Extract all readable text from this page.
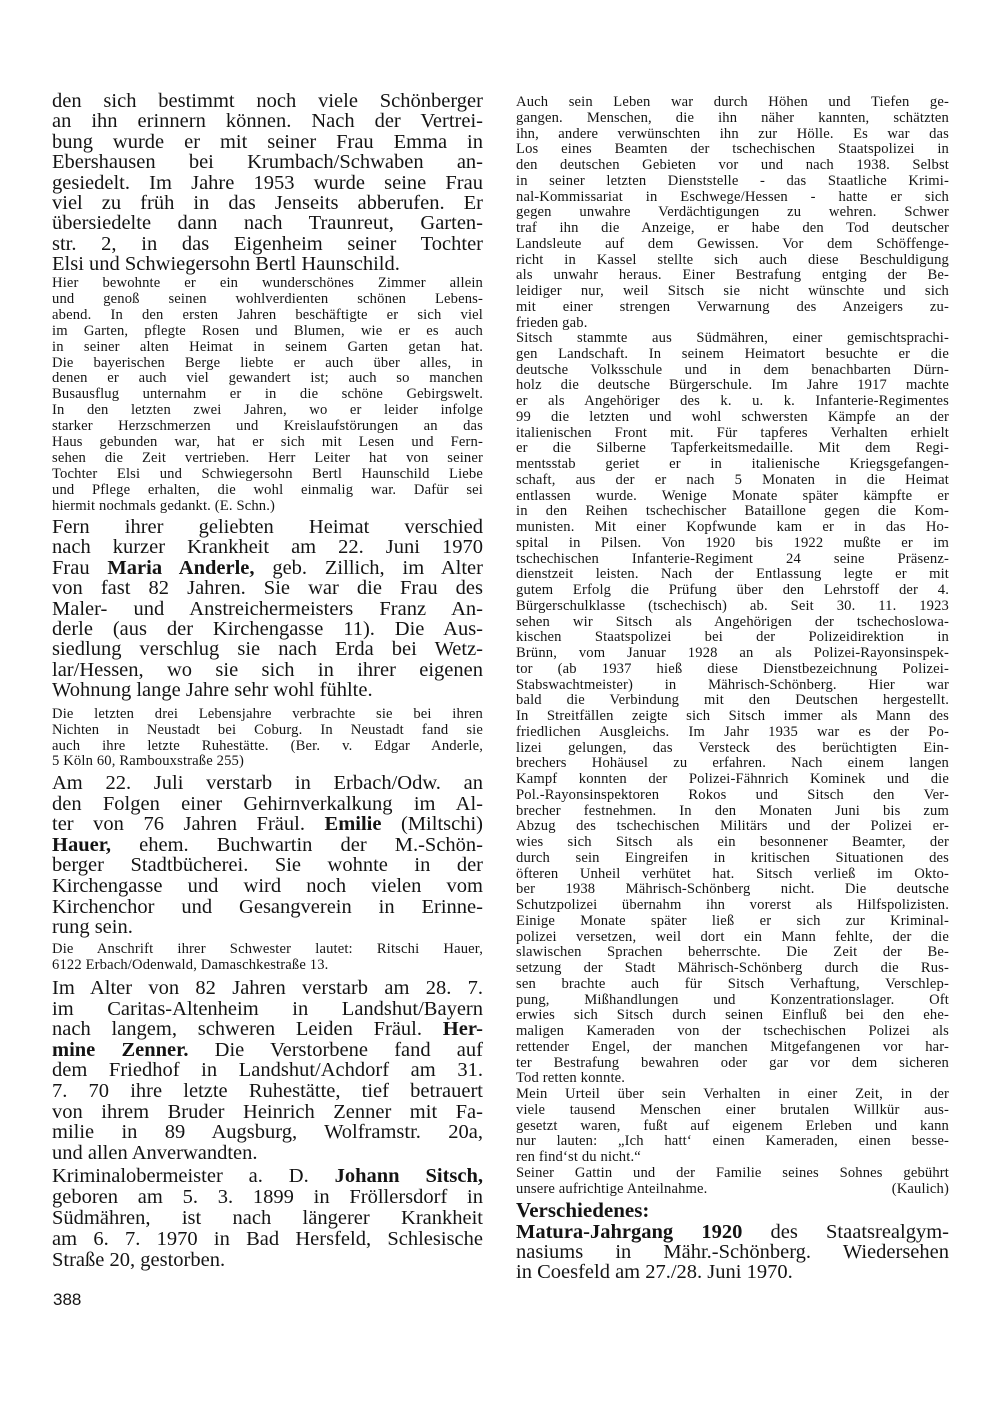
den sich bestimmt noch viele Schönberger
an ihn erinnern können. Nach der Vertrei-
bung wurde er mit seiner Frau Emma in
Ebershausen bei Krumbach/Schwaben an-
gesiedelt. Im Jahre 1953 wurde seine Frau
viel zu früh in das Jenseits abberufen. Er
übersiedelte dann nach Traunreut, Garten-
str. 2, in das Eigenheim seiner Tochter
Elsi und Schwiegersohn Bertl Haunschild.
Hier bewohnte er ein wunderschönes Zimmer allein
und genoß seinen wohlverdienten schönen Lebens-
abend. In den ersten Jahren beschäftigte er sich viel
im Garten, pflegte Rosen und Blumen, wie er es auch
in seiner alten Heimat in seinem Garten getan hat.
Die bayerischen Berge liebte er auch über alles, in
denen er auch viel gewandert ist; auch so manchen
Busausflug unternahm er in die schöne Gebirgswelt.
In den letzten zwei Jahren, wo er leider infolge
starker Herzschmerzen und Kreislaufstörungen an das
Haus gebunden war, hat er sich mit Lesen und Fern-
sehen die Zeit vertrieben. Herr Leiter hat von seiner
Tochter Elsi und Schwiegersohn Bertl Haunschild Liebe
und Pflege erhalten, die wohl einmalig war. Dafür sei
hiermit nochmals gedankt. (E. Schn.)
Fern ihrer geliebten Heimat verschied
nach kurzer Krankheit am 22. Juni 1970
Frau Maria Anderle, geb. Zillich, im Alter
von fast 82 Jahren. Sie war die Frau des
Maler- und Anstreichermeisters Franz An-
derle (aus der Kirchengasse 11). Die Aus-
siedlung verschlug sie nach Erda bei Wetz-
lar/Hessen, wo sie sich in ihrer eigenen
Wohnung lange Jahre sehr wohl fühlte.
Die letzten drei Lebensjahre verbrachte sie bei ihren
Nichten in Neustadt bei Coburg. In Neustadt fand sie
auch ihre letzte Ruhestätte. (Ber. v. Edgar Anderle,
5 Köln 60, Rambouxstraße 255)
Am 22. Juli verstarb in Erbach/Odw. an
den Folgen einer Gehirnverkalkung im Al-
ter von 76 Jahren Fräul. Emilie (Miltschi)
Hauer, ehem. Buchwartin der M.-Schön-
berger Stadtbücherei. Sie wohnte in der
Kirchengasse und wird noch vielen vom
Kirchenchor und Gesangverein in Erinne-
rung sein.
Die Anschrift ihrer Schwester lautet: Ritschi Hauer,
6122 Erbach/Odenwald, Damaschkestraße 13.
Im Alter von 82 Jahren verstarb am 28. 7.
im Caritas-Altenheim in Landshut/Bayern
nach langem, schweren Leiden Fräul. Her-
mine Zenner. Die Verstorbene fand auf
dem Friedhof in Landshut/Achdorf am 31.
7. 70 ihre letzte Ruhestätte, tief betrauert
von ihrem Bruder Heinrich Zenner mit Fa-
milie in 89 Augsburg, Wolframstr. 20a,
und allen Anverwandten.
Kriminalobermeister a. D. Johann Sitsch,
geboren am 5. 3. 1899 in Fröllersdorf in
Südmähren, ist nach längerer Krankheit
am 6. 7. 1970 in Bad Hersfeld, Schlesische
Straße 20, gestorben.
Auch sein Leben war durch Höhen und Tiefen ge-
gangen. Menschen, die ihn näher kannten, schätzten
ihn, andere verwünschten ihn zur Hölle. Es war das
Los eines Beamten der tschechischen Staatspolizei in
den deutschen Gebieten vor und nach 1938. Selbst
in seiner letzten Dienststelle - das Staatliche Krimi-
nal-Kommissariat in Eschwege/Hessen - hatte er sich
gegen unwahre Verdächtigungen zu wehren. Schwer
traf ihn die Anzeige, er habe den Tod deutscher
Landsleute auf dem Gewissen. Vor dem Schöffenge-
richt in Kassel stellte sich auch diese Beschuldigung
als unwahr heraus. Einer Bestrafung entging der Be-
leidiger nur, weil Sitsch sie nicht wünschte und sich
mit einer strengen Verwarnung des Anzeigers zu-
frieden gab.
Sitsch stammte aus Südmähren, einer gemischtsprachi-
gen Landschaft. In seinem Heimatort besuchte er die
deutsche Volksschule und in dem benachbarten Dürn-
holz die deutsche Bürgerschule. Im Jahre 1917 machte
er als Angehöriger des k. u. k. Infanterie-Regimentes
99 die letzten und wohl schwersten Kämpfe an der
italienischen Front mit. Für tapferes Verhalten erhielt
er die Silberne Tapferkeitsmedaille. Mit dem Regi-
mentsstab geriet er in italienische Kriegsgefangen-
schaft, aus der er nach 5 Monaten in die Heimat
entlassen wurde. Wenige Monate später kämpfte er
in den Reihen tschechischer Bataillone gegen die Kom-
munisten. Mit einer Kopfwunde kam er in das Ho-
spital in Pilsen. Von 1920 bis 1922 mußte er im
tschechischen Infanterie-Regiment 24 seine Präsenz-
dienstzeit leisten. Nach der Entlassung legte er mit
gutem Erfolg die Prüfung über den Lehrstoff der 4.
Bürgerschulklasse (tschechisch) ab. Seit 30. 11. 1923
sehen wir Sitsch als Angehörigen der tschechoslowa-
kischen Staatspolizei bei der Polizeidirektion in
Brünn, vom Januar 1928 an als Polizei-Rayonsinspek-
tor (ab 1937 hieß diese Dienstbezeichnung Polizei-
Stabswachtmeister) in Mährisch-Schönberg. Hier war
bald die Verbindung mit den Deutschen hergestellt.
In Streitfällen zeigte sich Sitsch immer als Mann des
friedlichen Ausgleichs. Im Jahr 1935 war es der Po-
lizei gelungen, das Versteck des berüchtigten Ein-
brechers Hohäusel zu erfahren. Nach einem langen
Kampf konnten der Polizei-Fähnrich Kominek und die
Pol.-Rayonsinspektoren Rokos und Sitsch den Ver-
brecher festnehmen. In den Monaten Juni bis zum
Abzug des tschechischen Militärs und der Polizei er-
wies sich Sitsch als ein besonnener Beamter, der
durch sein Eingreifen in kritischen Situationen des
öfteren Unheil verhütet hat. Sitsch verließ im Okto-
ber 1938 Mährisch-Schönberg nicht. Die deutsche
Schutzpolizei übernahm ihn vorerst als Hilfspolizisten.
Einige Monate später ließ er sich zur Kriminal-
polizei versetzen, weil dort ein Mann fehlte, der die
slawischen Sprachen beherrschte. Die Zeit der Be-
setzung der Stadt Mährisch-Schönberg durch die Rus-
sen brachte auch für Sitsch Verhaftung, Verschlep-
pung, Mißhandlungen und Konzentrationslager. Oft
erwies sich Sitsch durch seinen Einfluß bei den ehe-
maligen Kameraden von der tschechischen Polizei als
rettender Engel, der manchen Mitgefangenen vor har-
ter Bestrafung bewahren oder gar vor dem sicheren
Tod retten konnte.
Mein Urteil über sein Verhalten in einer Zeit, in der
viele tausend Menschen einer brutalen Willkür aus-
gesetzt waren, fußt auf eigenem Erleben und kann
nur lauten: „Ich hatt‘ einen Kameraden, einen besse-
ren find‘st du nicht.“
Seiner Gattin und der Familie seines Sohnes gebührt
unsere aufrichtige Anteilnahme.	(Kaulich)
Matura-Jahrgang 1920 des Staatsrealgym-
nasiums in Mähr.-Schönberg. Wiedersehen
in Coesfeld am 27./28. Juni 1970.
Verschiedenes:
388
